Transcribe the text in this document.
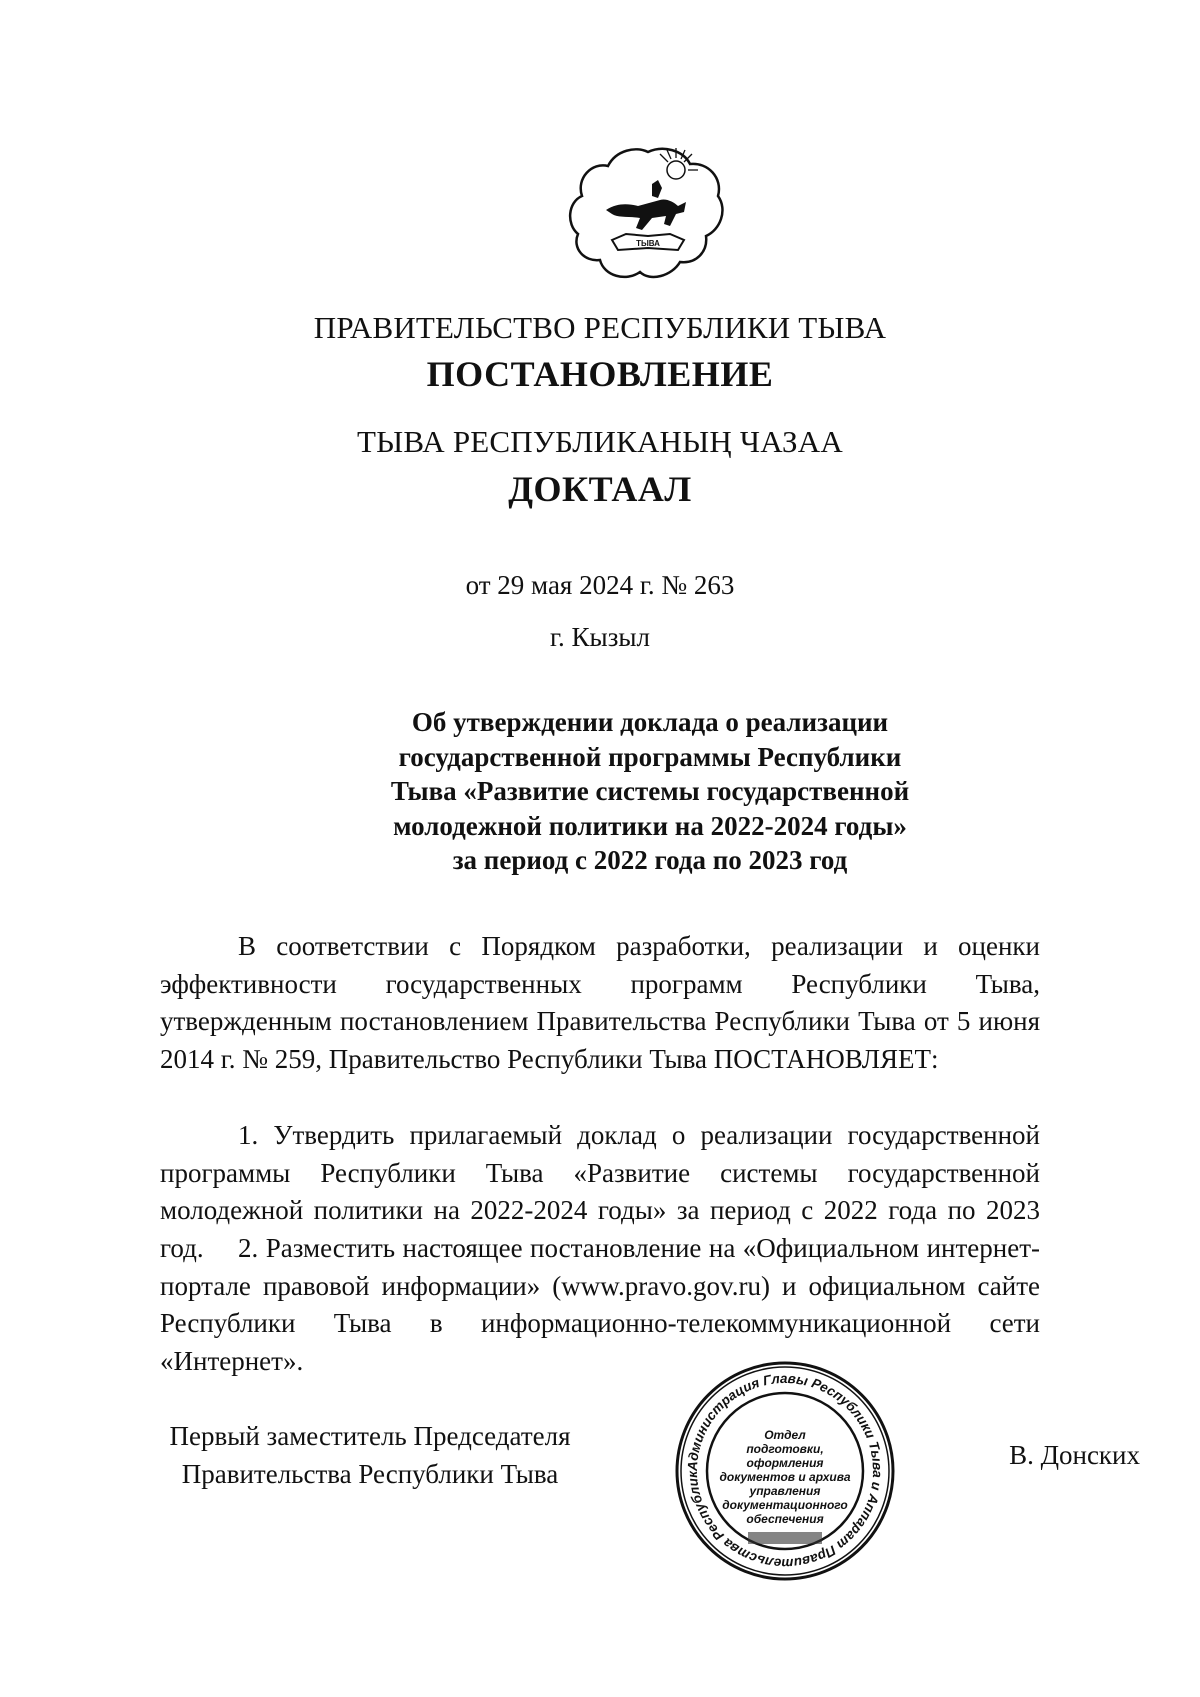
ТЫВА
ПРАВИТЕЛЬСТВО РЕСПУБЛИКИ ТЫВА
ПОСТАНОВЛЕНИЕ
ТЫВА РЕСПУБЛИКАНЫҢ ЧАЗАА
ДОКТААЛ
от 29 мая 2024 г. № 263
г. Кызыл
Об утверждении доклада о реализации
государственной программы Республики
Тыва «Развитие системы государственной
молодежной политики на 2022-2024 годы»
за период с 2022 года по 2023 год

В соответствии с Порядком разработки, реализации и оценки эффективности государственных программ Республики Тыва, утвержденным постановлением Правительства Республики Тыва от 5 июня 2014 г. № 259, Правительство Республики Тыва ПОСТАНОВЛЯЕТ:

1. Утвердить прилагаемый доклад о реализации государственной программы Республики Тыва «Развитие системы государственной молодежной политики на 2022-2024 годы» за период с 2022 года по 2023 год.	2. Разместить настоящее постановление на «Официальном интернет-портале правовой информации» (www.pravo.gov.ru) и официальном сайте Республики Тыва в информационно-телекоммуникационной сети «Интернет».

Первый заместитель Председателя
Правительства Республики Тыва
В. Донских
Администрация Главы Республики Тыва и Аппарат Правительства Республик
Отдел
подготовки,
оформления
документов и архива
управления
документационного
обеспечения
